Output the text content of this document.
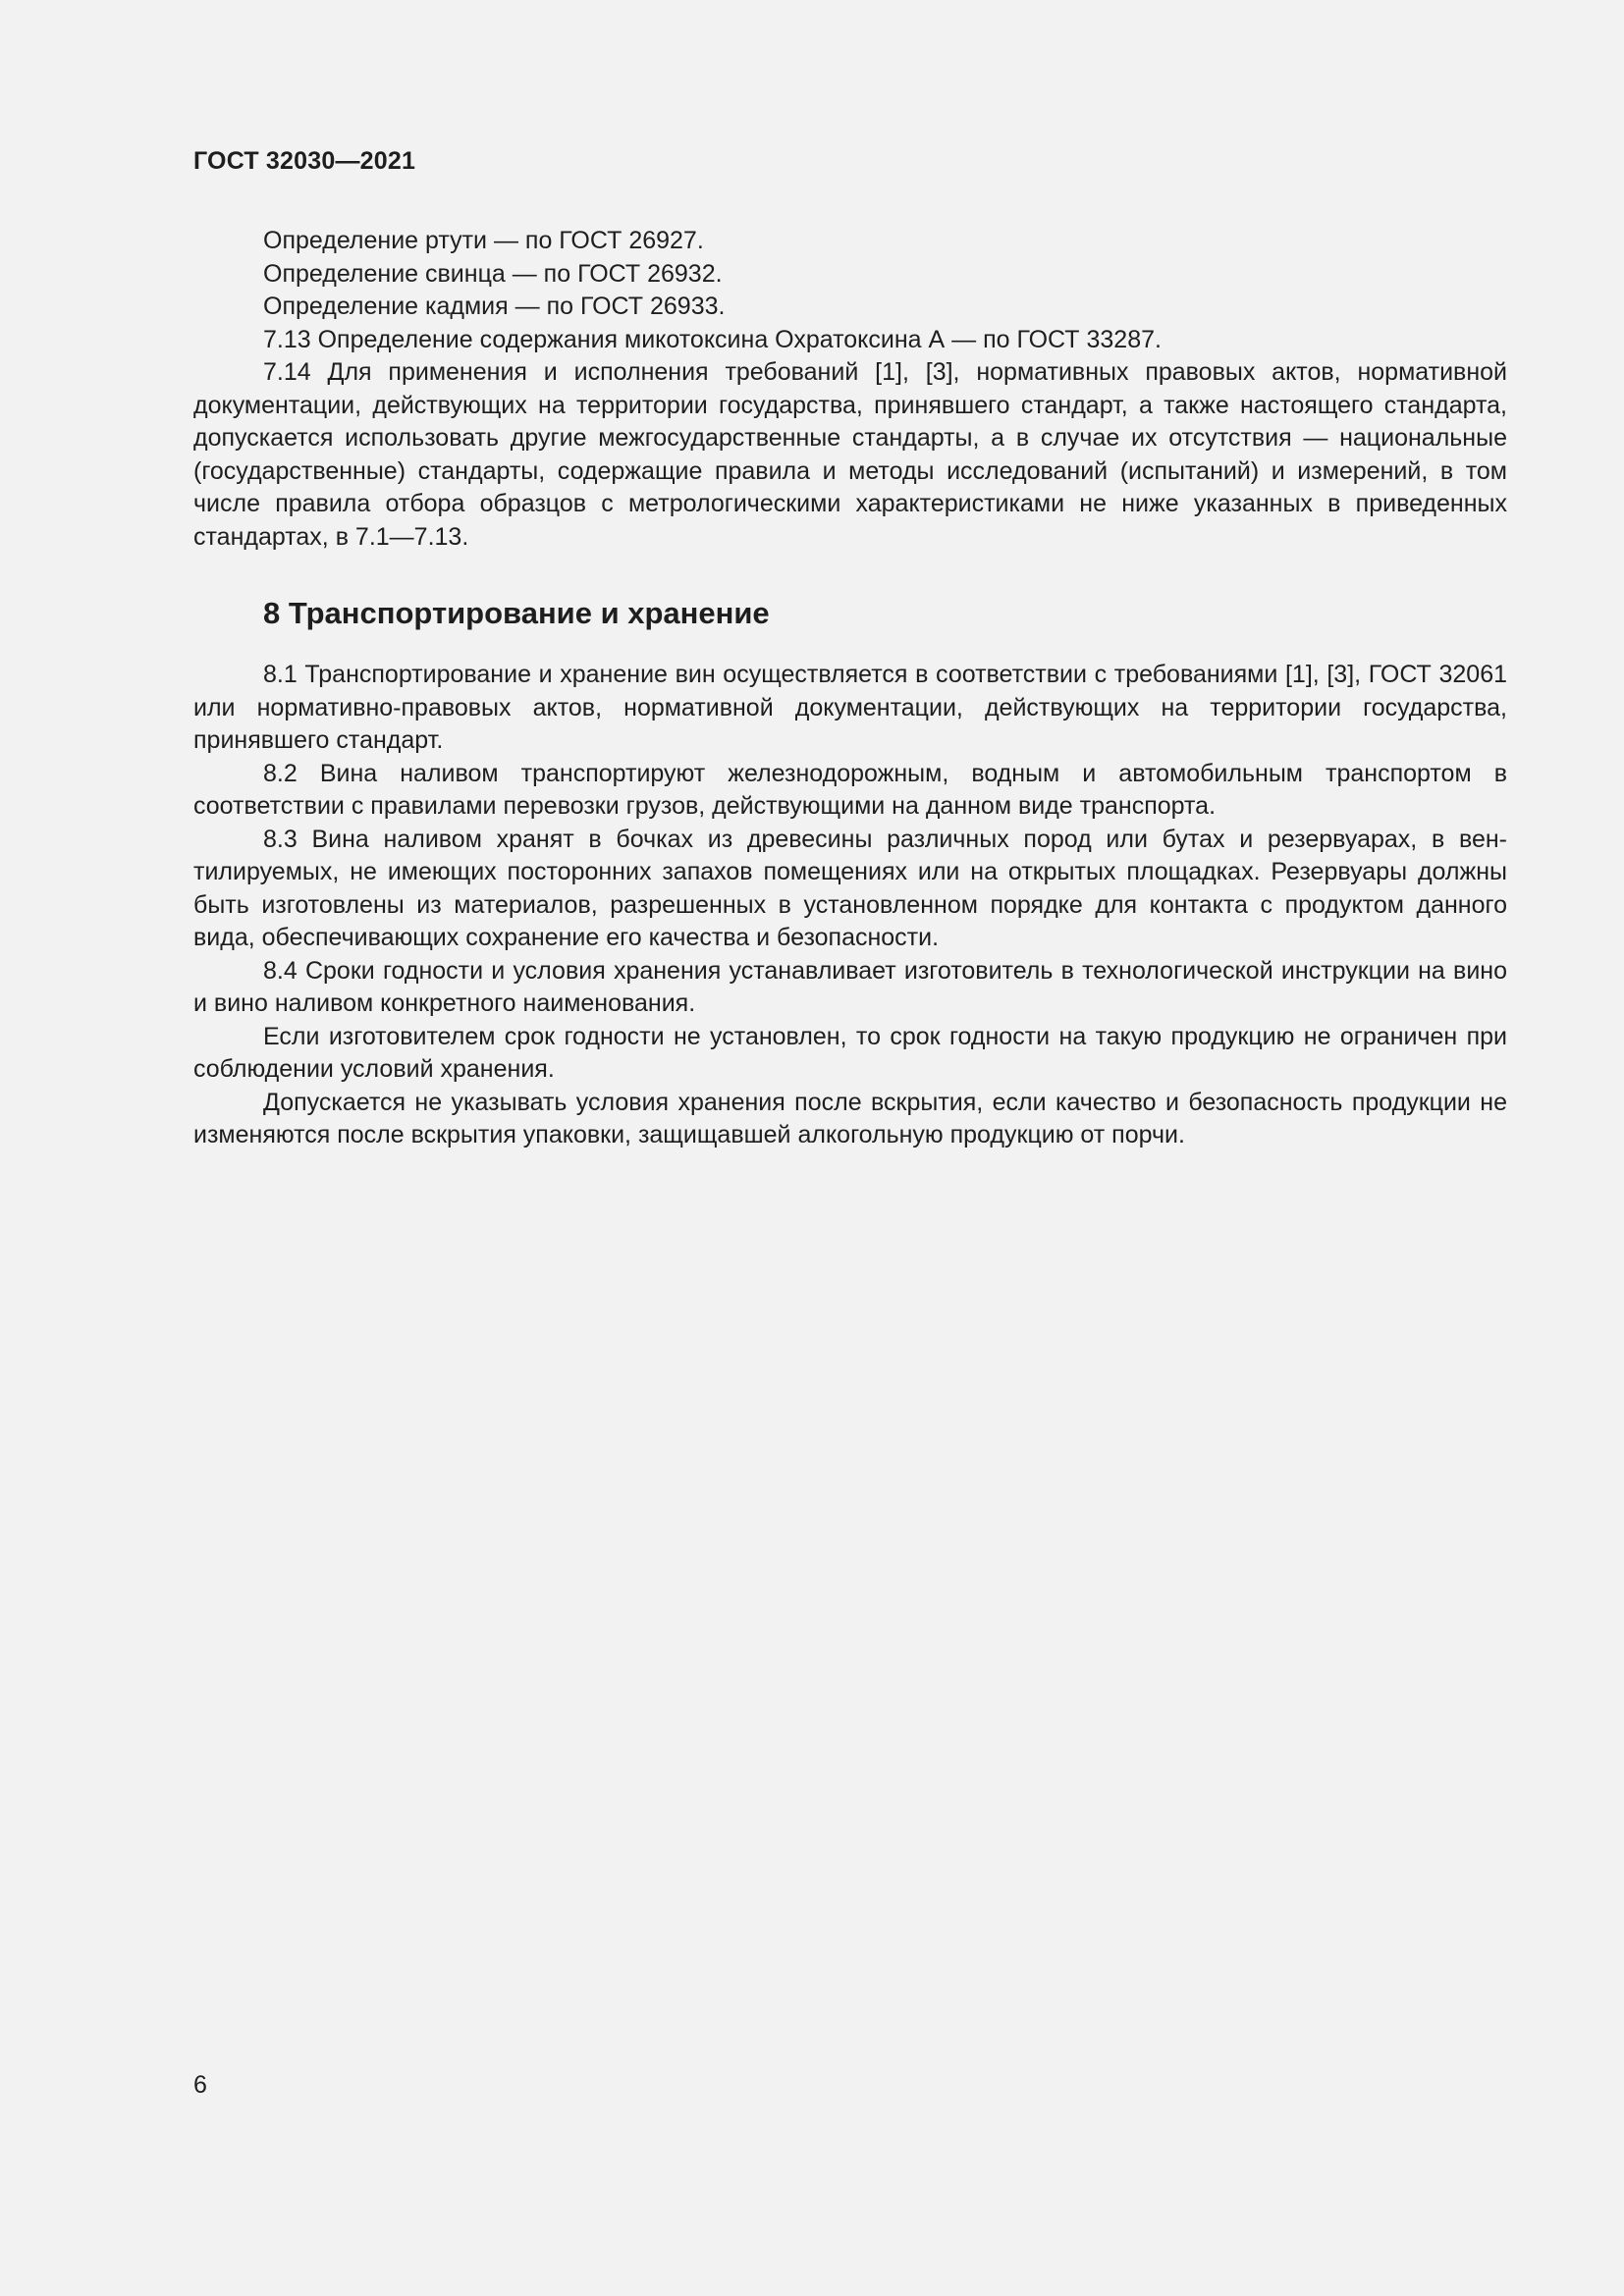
ГОСТ 32030—2021

Определение ртути — по ГОСТ 26927.

Определение свинца — по ГОСТ 26932.

Определение кадмия — по ГОСТ 26933.

7.13 Определение содержания микотоксина Охратоксина А — по ГОСТ 33287.

7.14 Для применения и исполнения требований [1], [3], нормативных правовых актов, нормативной документации, действующих на территории государства, принявшего стандарт, а также настоящего стандарта, допускается использовать другие межгосударственные стандарты, а в случае их отсутствия — национальные (государственные) стандарты, содержащие правила и методы исследований (испытаний) и измерений, в том числе правила отбора образцов с метрологическими характеристиками не ниже указанных в приведенных стандартах, в 7.1—7.13.

8 Транспортирование и хранение

8.1 Транспортирование и хранение вин осуществляется в соответствии с требованиями [1], [3], ГОСТ 32061 или нормативно-правовых актов, нормативной документации, действующих на территории государства, принявшего стандарт.

8.2 Вина наливом транспортируют железнодорожным, водным и автомобильным транспортом в соответствии с правилами перевозки грузов, действующими на данном виде транспорта.

8.3 Вина наливом хранят в бочках из древесины различных пород или бутах и резервуарах, в вентилируемых, не имеющих посторонних запахов помещениях или на открытых площадках. Резервуары должны быть изготовлены из материалов, разрешенных в установленном порядке для контакта с продуктом данного вида, обеспечивающих сохранение его качества и безопасности.

8.4 Сроки годности и условия хранения устанавливает изготовитель в технологической инструкции на вино и вино наливом конкретного наименования.

Если изготовителем срок годности не установлен, то срок годности на такую продукцию не ограничен при соблюдении условий хранения.

Допускается не указывать условия хранения после вскрытия, если качество и безопасность продукции не изменяются после вскрытия упаковки, защищавшей алкогольную продукцию от порчи.

6
